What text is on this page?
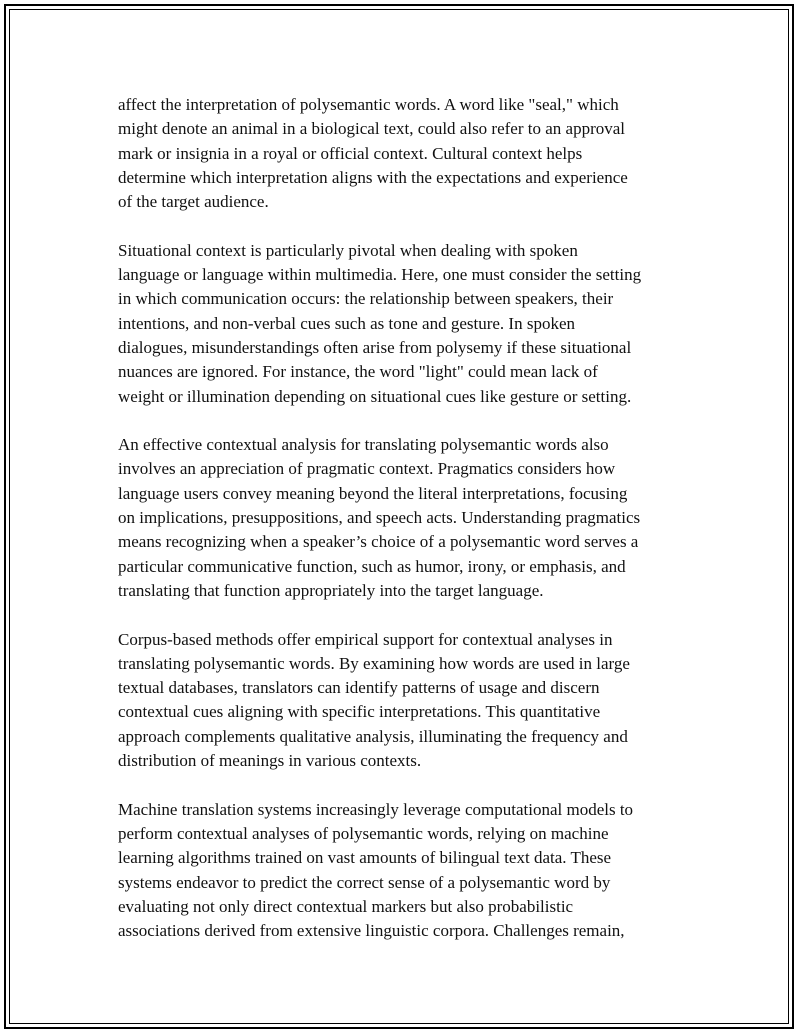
affect the interpretation of polysemantic words. A word like "seal," which
might denote an animal in a biological text, could also refer to an approval
mark or insignia in a royal or official context. Cultural context helps
determine which interpretation aligns with the expectations and experience
of the target audience.

Situational context is particularly pivotal when dealing with spoken
language or language within multimedia. Here, one must consider the setting
in which communication occurs: the relationship between speakers, their
intentions, and non-verbal cues such as tone and gesture. In spoken
dialogues, misunderstandings often arise from polysemy if these situational
nuances are ignored. For instance, the word "light" could mean lack of
weight or illumination depending on situational cues like gesture or setting.

An effective contextual analysis for translating polysemantic words also
involves an appreciation of pragmatic context. Pragmatics considers how
language users convey meaning beyond the literal interpretations, focusing
on implications, presuppositions, and speech acts. Understanding pragmatics
means recognizing when a speaker’s choice of a polysemantic word serves a
particular communicative function, such as humor, irony, or emphasis, and
translating that function appropriately into the target language.

Corpus-based methods offer empirical support for contextual analyses in
translating polysemantic words. By examining how words are used in large
textual databases, translators can identify patterns of usage and discern
contextual cues aligning with specific interpretations. This quantitative
approach complements qualitative analysis, illuminating the frequency and
distribution of meanings in various contexts.

Machine translation systems increasingly leverage computational models to
perform contextual analyses of polysemantic words, relying on machine
learning algorithms trained on vast amounts of bilingual text data. These
systems endeavor to predict the correct sense of a polysemantic word by
evaluating not only direct contextual markers but also probabilistic
associations derived from extensive linguistic corpora. Challenges remain,
